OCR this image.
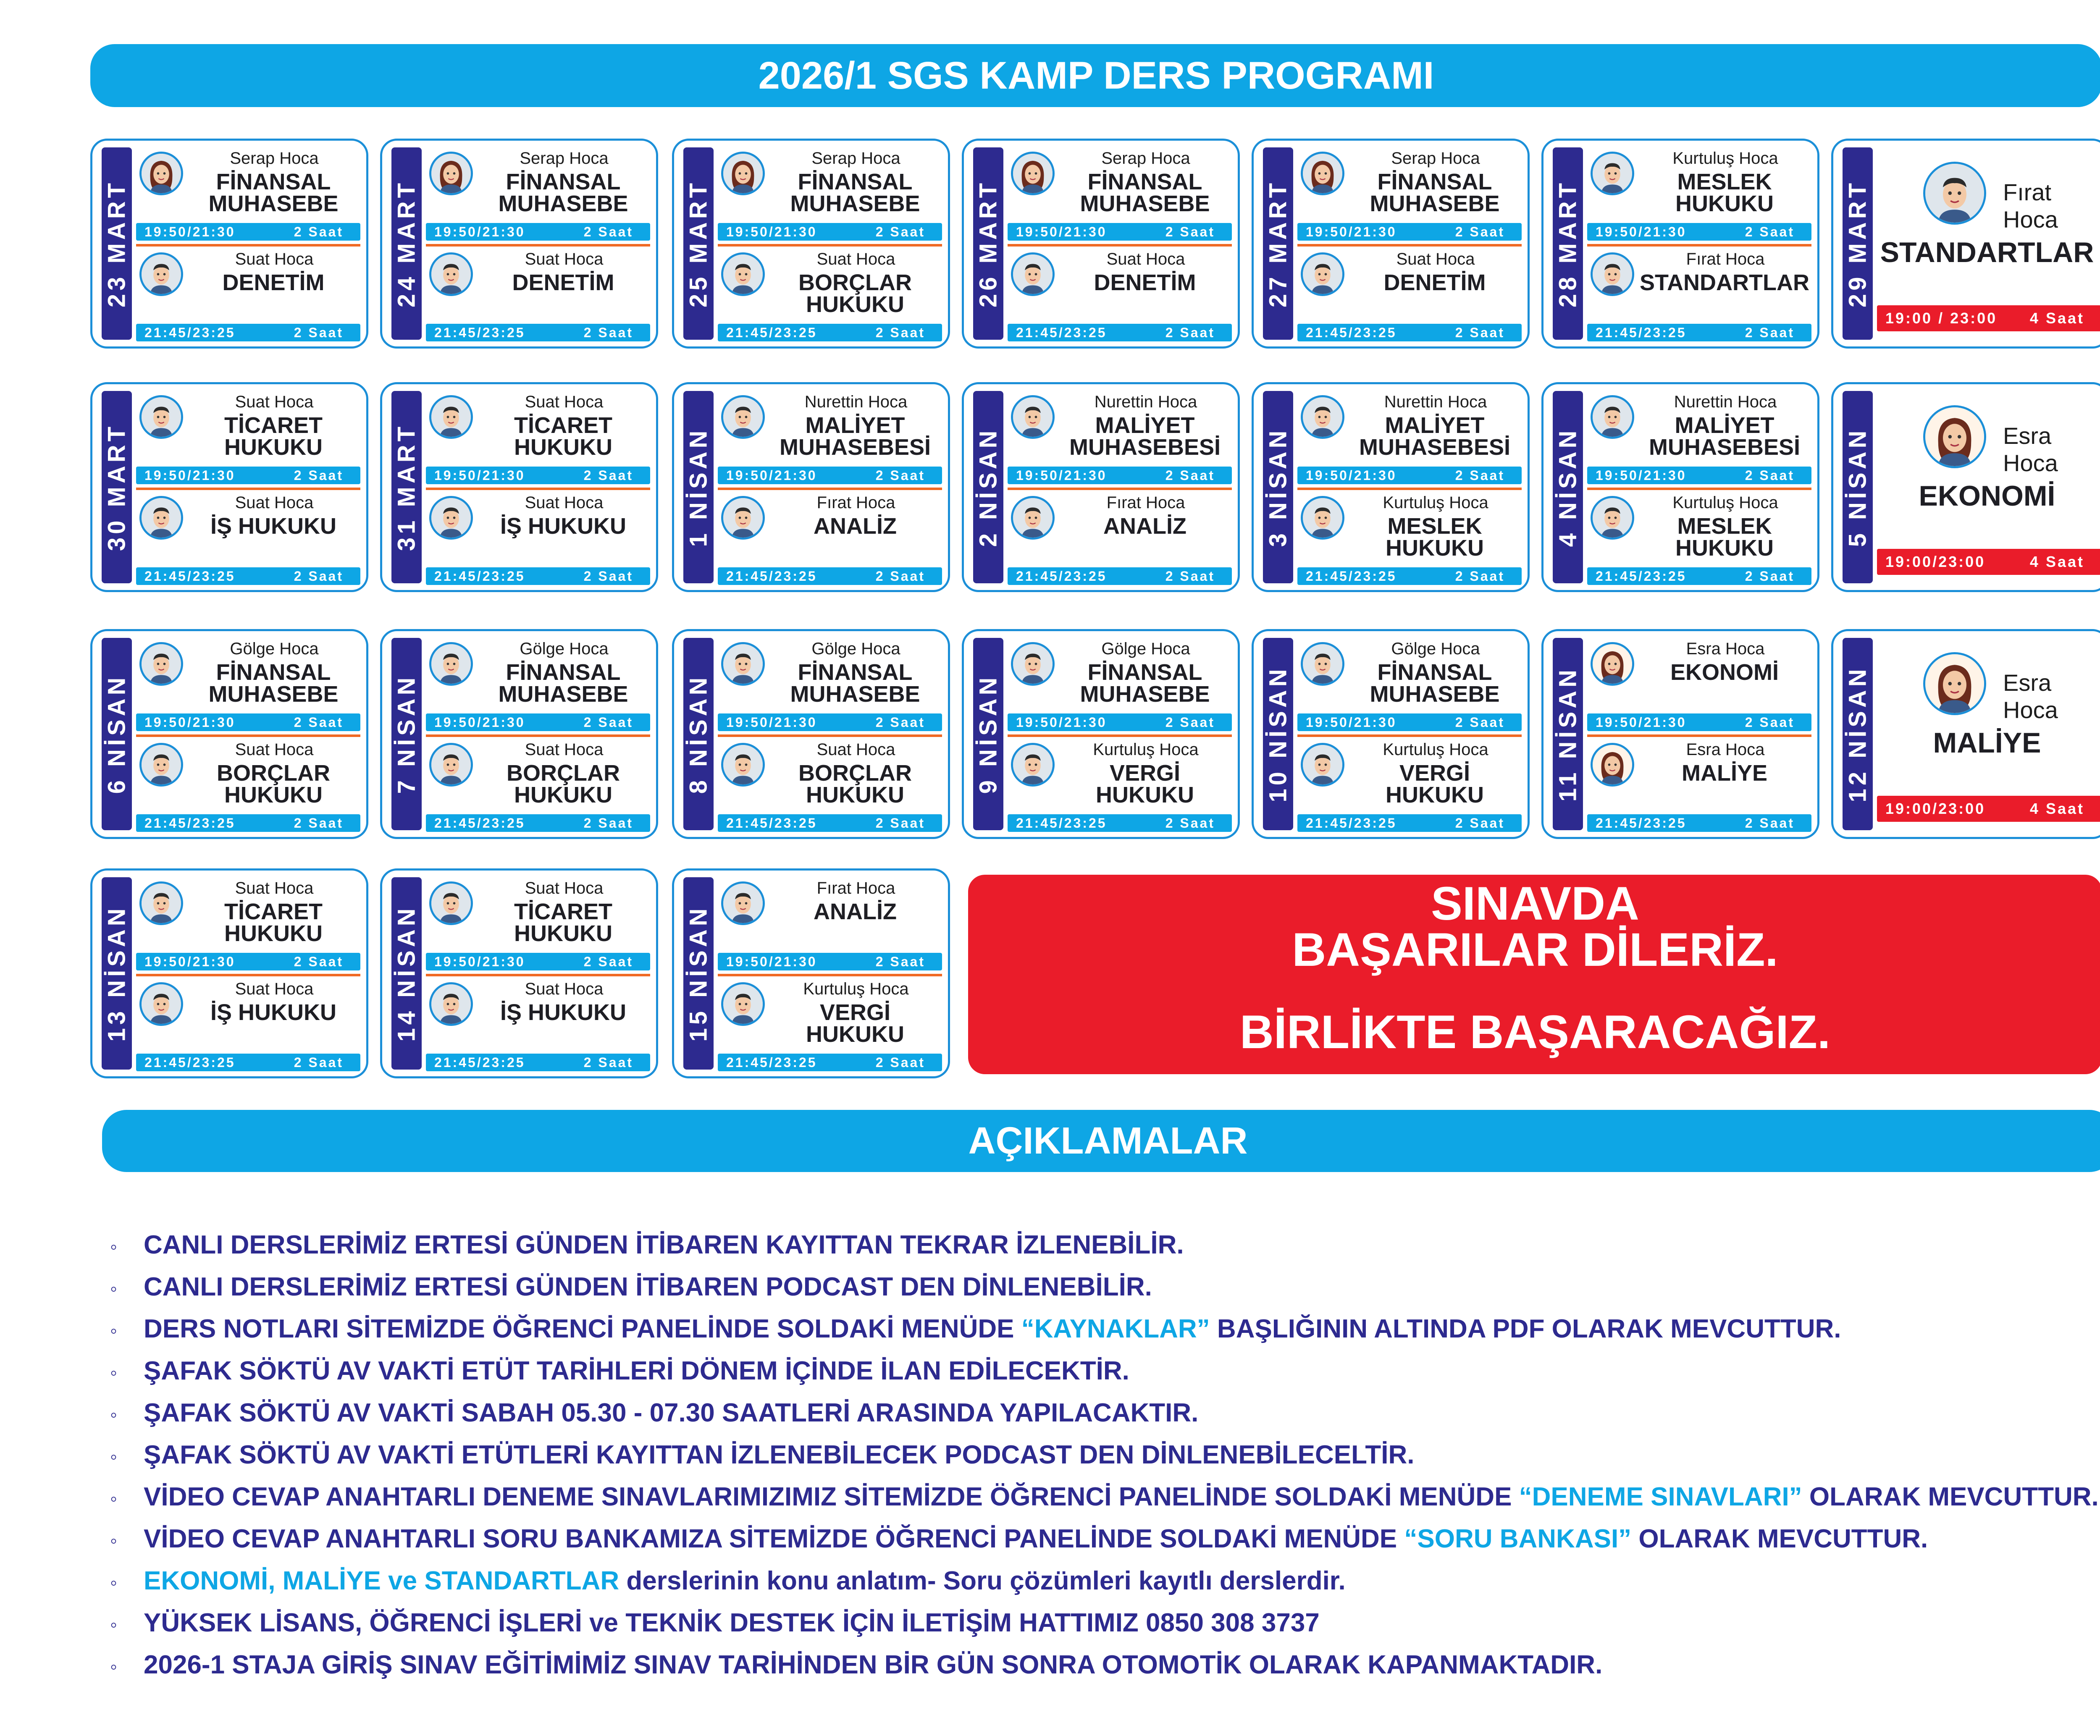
2026/1 SGS KAMP DERS PROGRAMI
23 MART
Serap Hoca
FİNANSAL MUHASEBE
19:50/21:30	2 Saat
Suat Hoca
DENETİM
21:45/23:25	2 Saat
24 MART
Serap Hoca
FİNANSAL MUHASEBE
19:50/21:30	2 Saat
Suat Hoca
DENETİM
21:45/23:25	2 Saat
25 MART
Serap Hoca
FİNANSAL MUHASEBE
19:50/21:30	2 Saat
Suat Hoca
BORÇLAR HUKUKU
21:45/23:25	2 Saat
26 MART
Serap Hoca
FİNANSAL MUHASEBE
19:50/21:30	2 Saat
Suat Hoca
DENETİM
21:45/23:25	2 Saat
27 MART
Serap Hoca
FİNANSAL MUHASEBE
19:50/21:30	2 Saat
Suat Hoca
DENETİM
21:45/23:25	2 Saat
28 MART
Kurtuluş Hoca
MESLEK HUKUKU
19:50/21:30	2 Saat
Fırat Hoca
STANDARTLAR
21:45/23:25	2 Saat
29 MART	Fırat Hoca
STANDARTLAR
19:00 / 23:00 4 Saat
30 MART
Suat Hoca
TİCARET HUKUKU
19:50/21:30	2 Saat
Suat Hoca
İŞ HUKUKU
21:45/23:25	2 Saat
31 MART
Suat Hoca
TİCARET HUKUKU
19:50/21:30	2 Saat
Suat Hoca
İŞ HUKUKU
21:45/23:25	2 Saat
1 NİSAN
Nurettin Hoca
MALİYET MUHASEBESİ
19:50/21:30	2 Saat
Fırat Hoca
ANALİZ
21:45/23:25	2 Saat
2 NİSAN
Nurettin Hoca
MALİYET MUHASEBESİ
19:50/21:30	2 Saat
Fırat Hoca
ANALİZ
21:45/23:25	2 Saat
3 NİSAN
Nurettin Hoca
MALİYET MUHASEBESİ
19:50/21:30	2 Saat
Kurtuluş Hoca
MESLEK HUKUKU
21:45/23:25	2 Saat
4 NİSAN
Nurettin Hoca
MALİYET MUHASEBESİ
19:50/21:30	2 Saat
Kurtuluş Hoca
MESLEK HUKUKU
21:45/23:25	2 Saat
5 NİSAN	Esra Hoca
EKONOMİ
19:00/23:00	4 Saat
6 NİSAN
Gölge Hoca
FİNANSAL MUHASEBE
19:50/21:30	2 Saat
Suat Hoca
BORÇLAR HUKUKU
21:45/23:25	2 Saat
7 NİSAN
Gölge Hoca
FİNANSAL MUHASEBE
19:50/21:30	2 Saat
Suat Hoca
BORÇLAR HUKUKU
21:45/23:25	2 Saat
8 NİSAN
Gölge Hoca
FİNANSAL MUHASEBE
19:50/21:30	2 Saat
Suat Hoca
BORÇLAR HUKUKU
21:45/23:25	2 Saat
9 NİSAN
Gölge Hoca
FİNANSAL MUHASEBE
19:50/21:30	2 Saat
Kurtuluş Hoca
VERGİ HUKUKU
21:45/23:25	2 Saat
10 NİSAN
Gölge Hoca
FİNANSAL MUHASEBE
19:50/21:30	2 Saat
Kurtuluş Hoca
VERGİ HUKUKU
21:45/23:25	2 Saat
11 NİSAN
Esra Hoca
EKONOMİ
19:50/21:30	2 Saat
Esra Hoca
MALİYE
21:45/23:25	2 Saat
12 NİSAN	Esra Hoca
MALİYE
19:00/23:00	4 Saat
13 NİSAN
Suat Hoca
TİCARET HUKUKU
19:50/21:30	2 Saat
Suat Hoca
İŞ HUKUKU
21:45/23:25	2 Saat
14 NİSAN
Suat Hoca
TİCARET HUKUKU
19:50/21:30	2 Saat
Suat Hoca
İŞ HUKUKU
21:45/23:25	2 Saat
15 NİSAN
Fırat Hoca
ANALİZ
19:50/21:30	2 Saat
Kurtuluş Hoca
VERGİ HUKUKU
21:45/23:25	2 Saat
SINAVDA
BAŞARILAR DİLERİZ.
BİRLİKTE BAŞARACAĞIZ.
AÇIKLAMALAR
◦ CANLI DERSLERİMİZ ERTESİ GÜNDEN İTİBAREN KAYITTAN TEKRAR İZLENEBİLİR.
◦ CANLI DERSLERİMİZ ERTESİ GÜNDEN İTİBAREN PODCAST DEN DİNLENEBİLİR.
◦ DERS NOTLARI SİTEMİZDE ÖĞRENCİ PANELİNDE SOLDAKİ MENÜDE “KAYNAKLAR” BAŞLIĞININ ALTINDA PDF OLARAK MEVCUTTUR.
◦ ŞAFAK SÖKTÜ AV VAKTİ ETÜT TARİHLERİ DÖNEM İÇİNDE İLAN EDİLECEKTİR.
◦ ŞAFAK SÖKTÜ AV VAKTİ SABAH 05.30 - 07.30 SAATLERİ ARASINDA YAPILACAKTIR.
◦ ŞAFAK SÖKTÜ AV VAKTİ ETÜTLERİ KAYITTAN İZLENEBİLECEK PODCAST DEN DİNLENEBİLECELTİR.
◦ VİDEO CEVAP ANAHTARLI DENEME SINAVLARIMIZIMIZ SİTEMİZDE ÖĞRENCİ PANELİNDE SOLDAKİ MENÜDE “DENEME SINAVLARI” OLARAK MEVCUTTUR.
◦ VİDEO CEVAP ANAHTARLI SORU BANKAMIZA SİTEMİZDE ÖĞRENCİ PANELİNDE SOLDAKİ MENÜDE “SORU BANKASI” OLARAK MEVCUTTUR.
◦ EKONOMİ, MALİYE ve STANDARTLAR derslerinin konu anlatım- Soru çözümleri kayıtlı derslerdir.
◦ YÜKSEK LİSANS, ÖĞRENCİ İŞLERİ ve TEKNİK DESTEK İÇİN İLETİŞİM HATTIMIZ 0850 308 3737
◦ 2026-1 STAJA GİRİŞ SINAV EĞİTİMİMİZ SINAV TARİHİNDEN BİR GÜN SONRA OTOMOTİK OLARAK KAPANMAKTADIR.
